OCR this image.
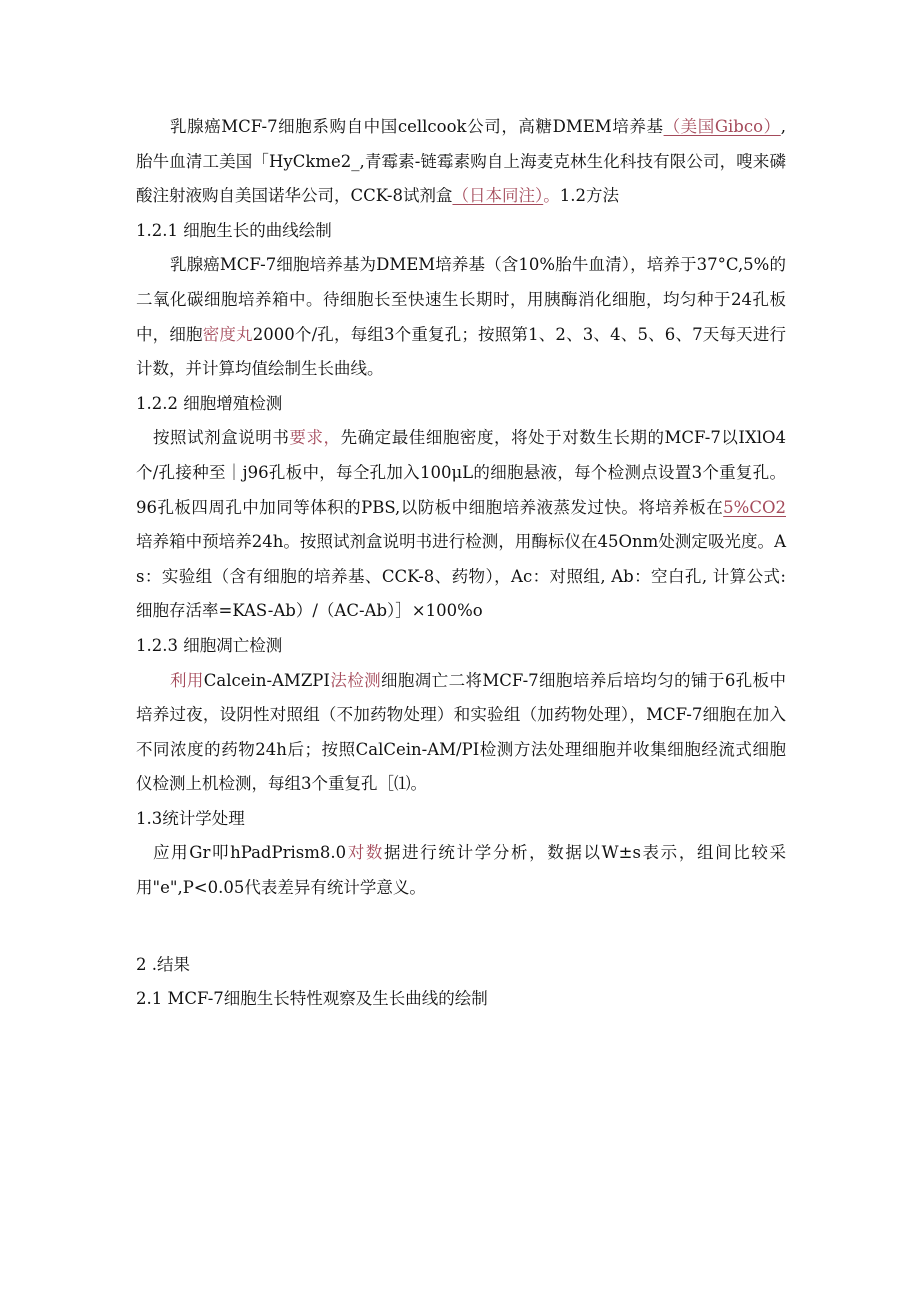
乳腺癌MCF-7细胞系购自中国cellcook公司，高糖DMEM培养基（美国Gibco）,胎牛血清工美国「HyCkme2_,青霉素-链霉素购自上海麦克林生化科技有限公司，嗖来磷酸注射液购自美国诺华公司，CCK-8试剂盒（日本同注）。1.2方法

1.2.1 细胞生长的曲线绘制

乳腺癌MCF-7细胞培养基为DMEM培养基（含10%胎牛血清），培养于37°C,5%的二氧化碳细胞培养箱中。待细胞长至快速生长期时，用胰酶消化细胞，均匀种于24孔板中，细胞密度丸2000个/孔，每组3个重复孔；按照第1、2、3、4、5、6、7天每天进行计数，并计算均值绘制生长曲线。

1.2.2 细胞增殖检测

按照试剂盒说明书要求，先确定最佳细胞密度，将处于对数生长期的MCF-7以IXlO4个/孔接种至｜j96孔板中，每仝孔加入100μL的细胞悬液，每个检测点设置3个重复孔。96孔板四周孔中加同等体积的PBS,以防板中细胞培养液蒸发过快。将培养板在5%CO2培养箱中预培养24h。按照试剂盒说明书进行检测，用酶标仪在45Onm处测定吸光度。As：实验组（含有细胞的培养基、CCK-8、药物），Ac：对照组, Ab：空白孔, 计算公式: 细胞存活率=KAS-Ab）/（AC-Ab）］×100%o

1.2.3 细胞凋亡检测

利用Calcein-AMZPI法检测细胞凋亡二将MCF-7细胞培养后培均匀的铺于6孔板中培养过夜，设阴性对照组（不加药物处理）和实验组（加药物处理），MCF-7细胞在加入不同浓度的药物24h后；按照CalCein-AM/PI检测方法处理细胞并收集细胞经流式细胞仪检测上机检测，每组3个重复孔［⑴。

1.3统计学处理

应用Gr叩hPadPrism8.0对数据进行统计学分析，数据以W±s表示，组间比较采用"e",P<0.05代表差异有统计学意义。

2 .结果

2.1 MCF-7细胞生长特性观察及生长曲线的绘制
